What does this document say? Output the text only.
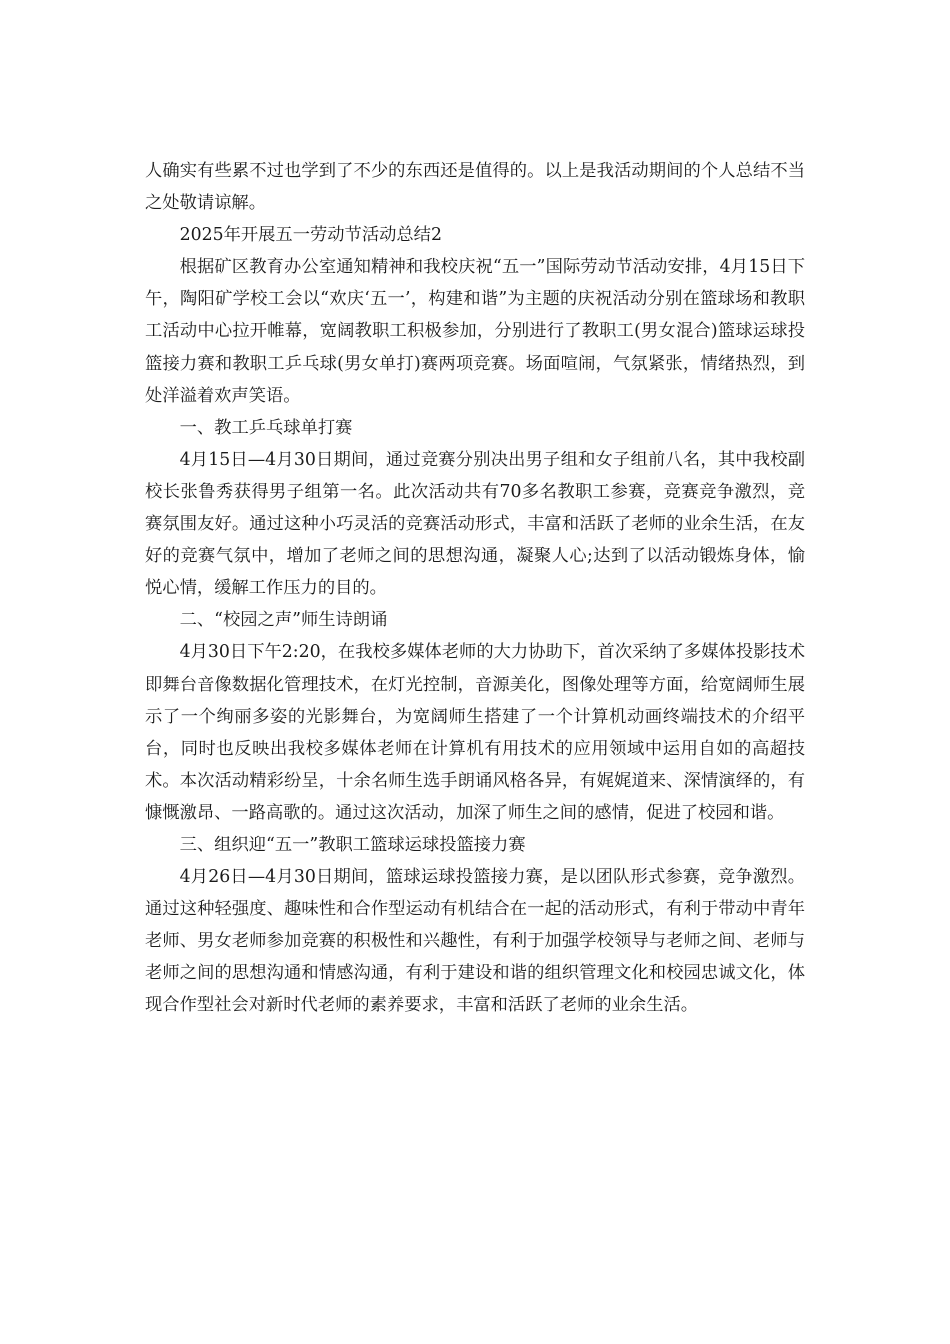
人确实有些累不过也学到了不少的东西还是值得的。以上是我活动期间的个人总结不当之处敬请谅解。

2025年开展五一劳动节活动总结2

根据矿区教育办公室通知精神和我校庆祝“五一”国际劳动节活动安排，4月15日下午，陶阳矿学校工会以“欢庆‘五一’，构建和谐”为主题的庆祝活动分别在篮球场和教职工活动中心拉开帷幕，宽阔教职工积极参加，分别进行了教职工(男女混合)篮球运球投篮接力赛和教职工乒乓球(男女单打)赛两项竞赛。场面喧闹，气氛紧张，情绪热烈，到处洋溢着欢声笑语。

一、教工乒乓球单打赛

4月15日—4月30日期间，通过竞赛分别决出男子组和女子组前八名，其中我校副校长张鲁秀获得男子组第一名。此次活动共有70多名教职工参赛，竞赛竞争激烈，竞赛氛围友好。通过这种小巧灵活的竞赛活动形式，丰富和活跃了老师的业余生活，在友好的竞赛气氛中，增加了老师之间的思想沟通，凝聚人心;达到了以活动锻炼身体，愉悦心情，缓解工作压力的目的。

二、“校园之声”师生诗朗诵

4月30日下午2:20，在我校多媒体老师的大力协助下，首次采纳了多媒体投影技术即舞台音像数据化管理技术，在灯光控制，音源美化，图像处理等方面，给宽阔师生展示了一个绚丽多姿的光影舞台，为宽阔师生搭建了一个计算机动画终端技术的介绍平台，同时也反映出我校多媒体老师在计算机有用技术的应用领域中运用自如的高超技术。本次活动精彩纷呈，十余名师生选手朗诵风格各异，有娓娓道来、深情演绎的，有慷慨激昂、一路高歌的。通过这次活动，加深了师生之间的感情，促进了校园和谐。

三、组织迎“五一”教职工篮球运球投篮接力赛

4月26日—4月30日期间，篮球运球投篮接力赛，是以团队形式参赛，竞争激烈。通过这种轻强度、趣味性和合作型运动有机结合在一起的活动形式，有利于带动中青年老师、男女老师参加竞赛的积极性和兴趣性，有利于加强学校领导与老师之间、老师与老师之间的思想沟通和情感沟通，有利于建设和谐的组织管理文化和校园忠诚文化，体现合作型社会对新时代老师的素养要求，丰富和活跃了老师的业余生活。
